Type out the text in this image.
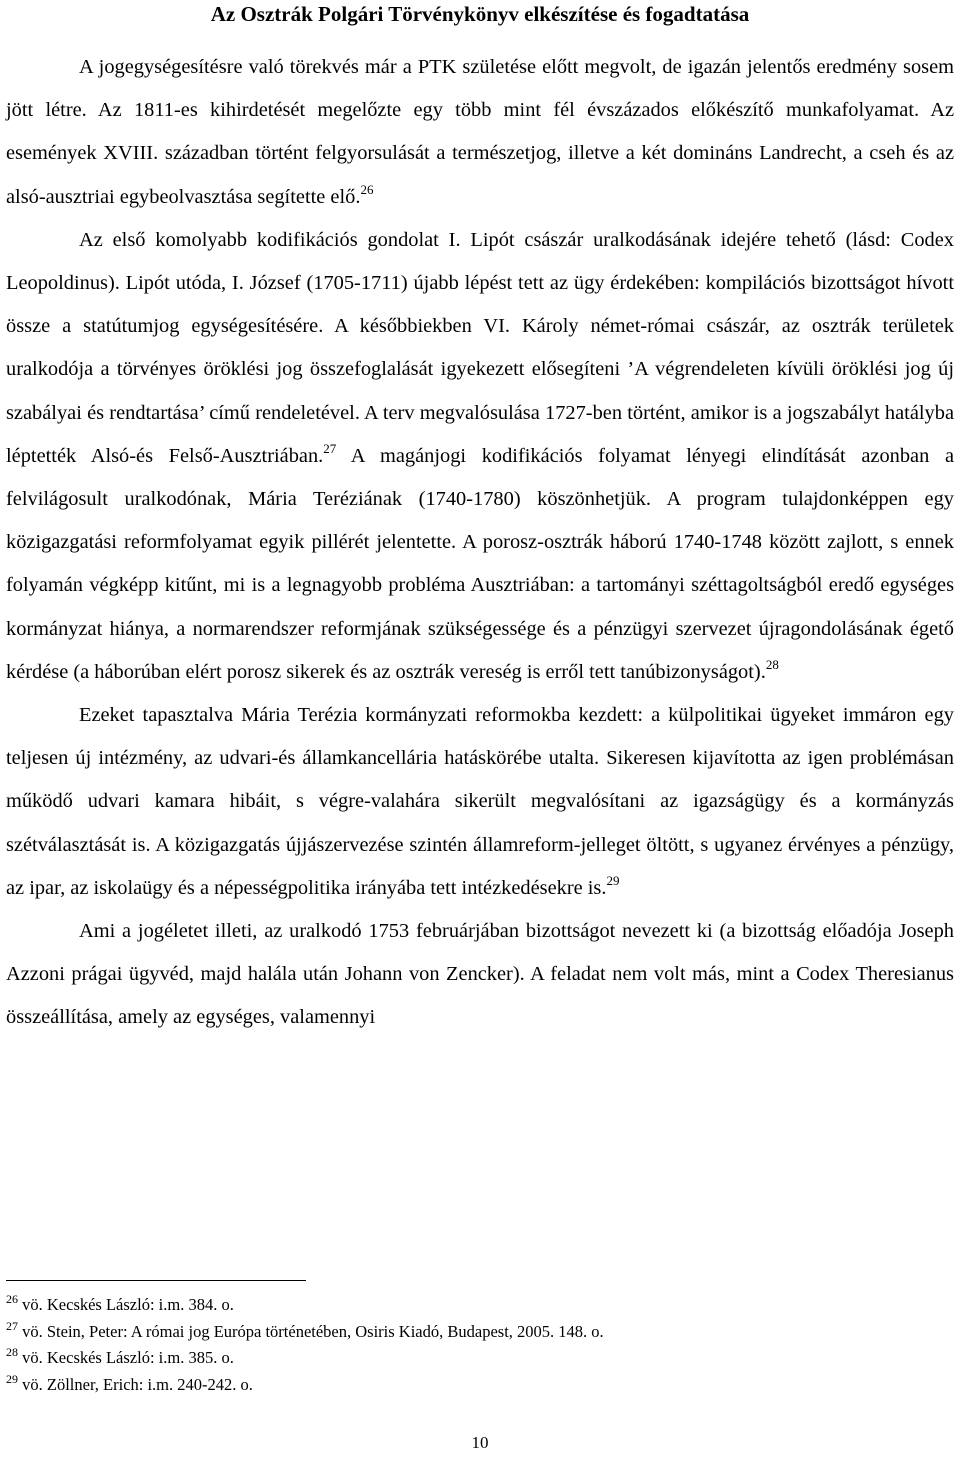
Az Osztrák Polgári Törvénykönyv elkészítése és fogadtatása

A jogegységesítésre való törekvés már a PTK születése előtt megvolt, de igazán jelentős eredmény sosem jött létre. Az 1811-es kihirdetését megelőzte egy több mint fél évszázados előkészítő munkafolyamat. Az események XVIII. században történt felgyorsulását a természetjog, illetve a két domináns Landrecht, a cseh és az alsó-ausztriai egybeolvasztása segítette elő.$^{26}$

Az első komolyabb kodifikációs gondolat I. Lipót császár uralkodásának idejére tehető (lásd: Codex Leopoldinus). Lipót utóda, I. József (1705-1711) újabb lépést tett az ügy érdekében: kompilációs bizottságot hívott össze a statútumjog egységesítésére. A későbbiekben VI. Károly német-római császár, az osztrák területek uralkodója a törvényes öröklési jog összefoglalását igyekezett elősegíteni ’A végrendeleten kívüli öröklési jog új szabályai és rendtartása’ című rendeletével. A terv megvalósulása 1727-ben történt, amikor is a jogszabályt hatályba léptették Alsó-és Felső-Ausztriában.$^{27}$ A magánjogi kodifikációs folyamat lényegi elindítását azonban a felvilágosult uralkodónak, Mária Teréziának (1740-1780) köszönhetjük. A program tulajdonképpen egy közigazgatási reformfolyamat egyik pillérét jelentette. A porosz-osztrák háború 1740-1748 között zajlott, s ennek folyamán végképp kitűnt, mi is a legnagyobb probléma Ausztriában: a tartományi széttagoltságból eredő egységes kormányzat hiánya, a normarendszer reformjának szükségessége és a pénzügyi szervezet újragondolásának égető kérdése (a háborúban elért porosz sikerek és az osztrák vereség is erről tett tanúbizonyságot).$^{28}$

Ezeket tapasztalva Mária Terézia kormányzati reformokba kezdett: a külpolitikai ügyeket immáron egy teljesen új intézmény, az udvari-és államkancellária hatáskörébe utalta. Sikeresen kijavította az igen problémásan működő udvari kamara hibáit, s végre-valahára sikerült megvalósítani az igazságügy és a kormányzás szétválasztását is. A közigazgatás újjászervezése szintén államreform-jelleget öltött, s ugyanez érvényes a pénzügy, az ipar, az iskolaügy és a népességpolitika irányába tett intézkedésekre is.$^{29}$

Ami a jogéletet illeti, az uralkodó 1753 februárjában bizottságot nevezett ki (a bizottság előadója Joseph Azzoni prágai ügyvéd, majd halála után Johann von Zencker). A feladat nem volt más, mint a Codex Theresianus összeállítása, amely az egységes, valamennyi

$^{26}$ vö. Kecskés László: i.m. 384. o.
$^{27}$ vö. Stein, Peter: A római jog Európa történetében, Osiris Kiadó, Budapest, 2005. 148. o.
$^{28}$ vö. Kecskés László: i.m. 385. o.
$^{29}$ vö. Zöllner, Erich: i.m. 240-242. o.
10
